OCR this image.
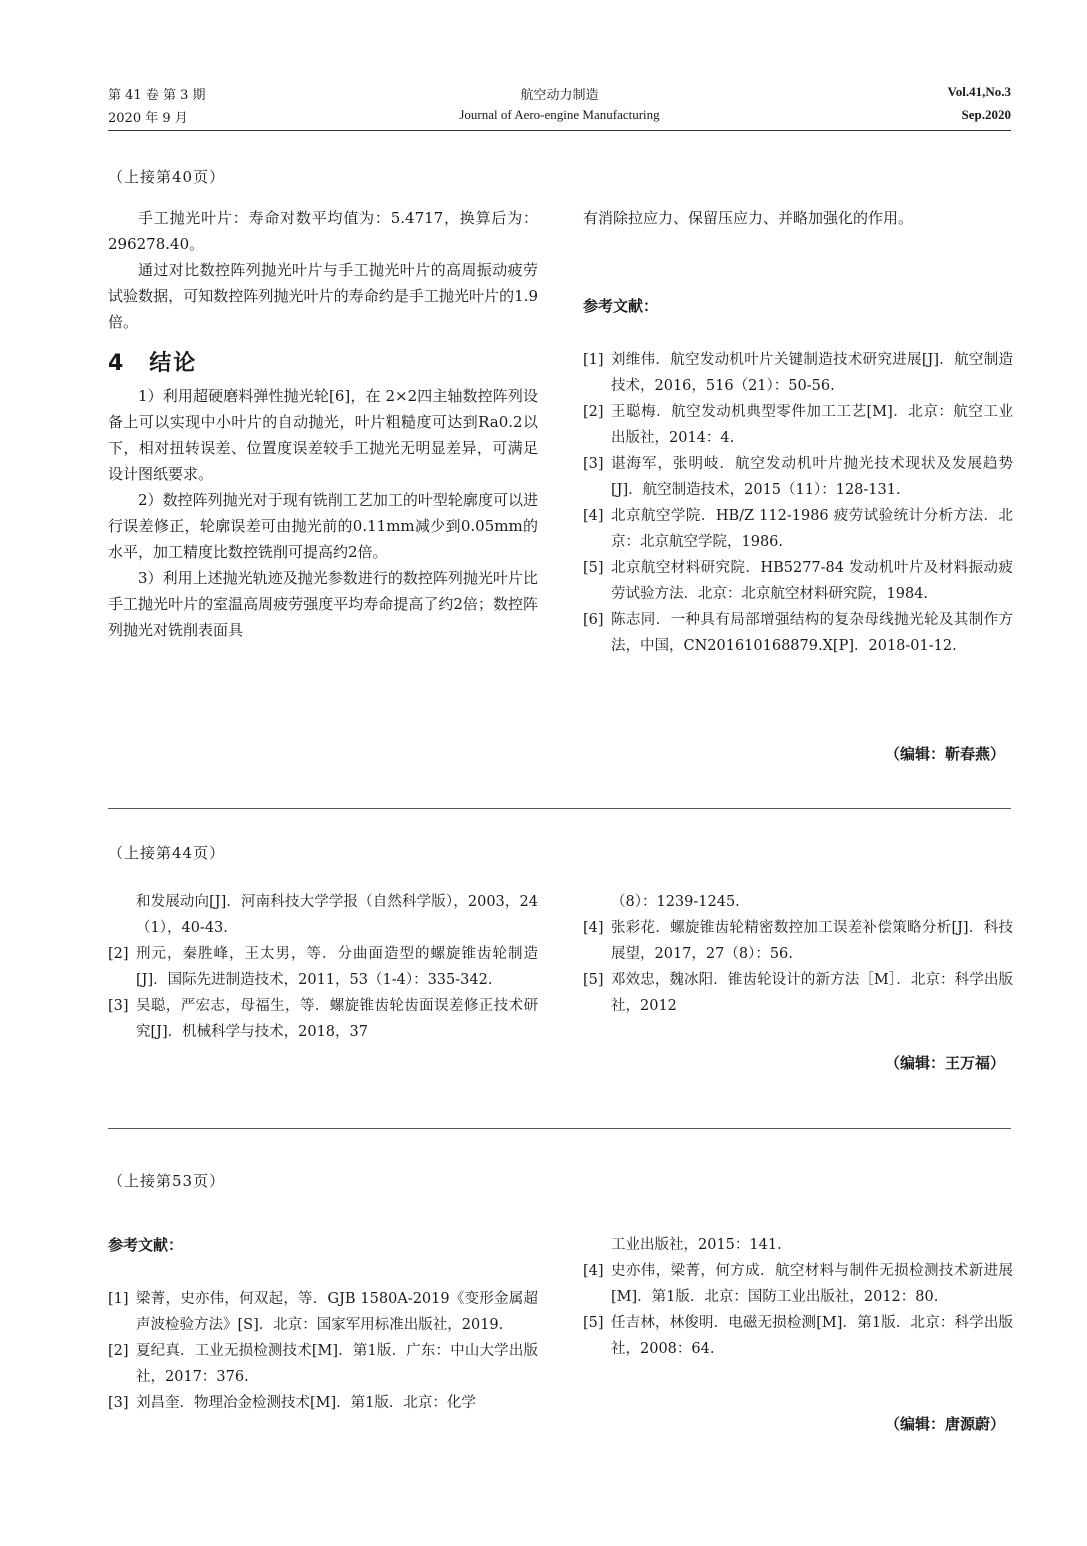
第 41 卷 第 3 期
2020 年 9 月
航空动力制造
Journal of Aero-engine Manufacturing
Vol.41,No.3
Sep.2020
（上接第40页）

手工抛光叶片：寿命对数平均值为：5.4717，换算后为：296278.40。

通过对比数控阵列抛光叶片与手工抛光叶片的高周振动疲劳试验数据，可知数控阵列抛光叶片的寿命约是手工抛光叶片的1.9倍。

4　结论

1）利用超硬磨料弹性抛光轮[6]，在 2×2四主轴数控阵列设备上可以实现中小叶片的自动抛光，叶片粗糙度可达到Ra0.2以下，相对扭转误差、位置度误差较手工抛光无明显差异，可满足设计图纸要求。

2）数控阵列抛光对于现有铣削工艺加工的叶型轮廓度可以进行误差修正，轮廓误差可由抛光前的0.11mm减少到0.05mm的水平，加工精度比数控铣削可提高约2倍。

3）利用上述抛光轨迹及抛光参数进行的数控阵列抛光叶片比手工抛光叶片的室温高周疲劳强度平均寿命提高了约2倍；数控阵列抛光对铣削表面具

有消除拉应力、保留压应力、并略加强化的作用。

参考文献：

[1] 刘维伟．航空发动机叶片关键制造技术研究进展[J]．航空制造技术，2016，516（21）：50-56.
[2] 王聪梅．航空发动机典型零件加工工艺[M]．北京：航空工业出版社，2014：4.
[3] 谌海军，张明岐．航空发动机叶片抛光技术现状及发展趋势[J]．航空制造技术，2015（11）：128-131.
[4] 北京航空学院．HB/Z 112-1986 疲劳试验统计分析方法．北京：北京航空学院，1986.
[5] 北京航空材料研究院．HB5277-84 发动机叶片及材料振动疲劳试验方法．北京：北京航空材料研究院，1984.
[6] 陈志同．一种具有局部增强结构的复杂母线抛光轮及其制作方法，中国，CN201610168879.X[P]．2018-01-12.
（编辑：靳春燕）
（上接第44页）

和发展动向[J]．河南科技大学学报（自然科学版），2003，24（1），40-43.

[2] 刑元，秦胜峰，王太男，等．分曲面造型的螺旋锥齿轮制造[J]．国际先进制造技术，2011，53（1-4）：335-342.
[3] 吴聪，严宏志，母福生，等．螺旋锥齿轮齿面误差修正技术研究[J]．机械科学与技术，2018，37

（8）：1239-1245.

[4] 张彩花．螺旋锥齿轮精密数控加工误差补偿策略分析[J]．科技展望，2017，27（8）：56.
[5] 邓效忠，魏冰阳．锥齿轮设计的新方法［M］．北京：科学出版社，2012
（编辑：王万福）
（上接第53页）

参考文献：

[1] 梁菁，史亦伟，何双起，等．GJB 1580A-2019《变形金属超声波检验方法》[S]．北京：国家军用标准出版社，2019.
[2] 夏纪真．工业无损检测技术[M]．第1版．广东：中山大学出版社，2017：376.
[3] 刘昌奎．物理冶金检测技术[M]．第1版．北京：化学

工业出版社，2015：141.

[4] 史亦伟，梁菁，何方成．航空材料与制件无损检测技术新进展[M]．第1版．北京：国防工业出版社，2012：80.
[5] 任吉林，林俊明．电磁无损检测[M]．第1版．北京：科学出版社，2008：64.
（编辑：唐源蔚）
